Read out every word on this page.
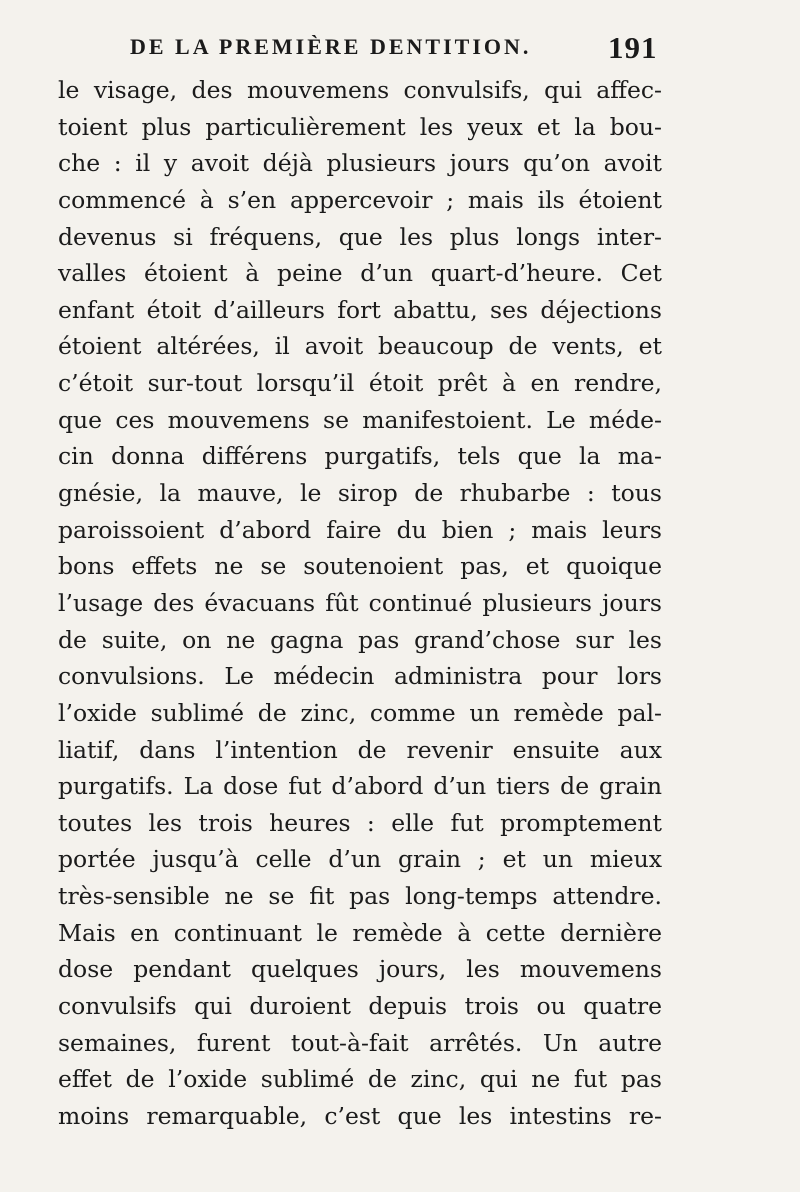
DE LA PREMIÈRE DENTITION. 191
le visage, des mouvemens convulsifs, qui affec-
toient plus particulièrement les yeux et la bou-
che : il y avoit déjà plusieurs jours qu’on avoit
commencé à s’en appercevoir ; mais ils étoient
devenus si fréquens, que les plus longs inter-
valles étoient à peine d’un quart-d’heure. Cet
enfant étoit d’ailleurs fort abattu, ses déjections
étoient altérées, il avoit beaucoup de vents, et
c’étoit sur-tout lorsqu’il étoit prêt à en rendre,
que ces mouvemens se manifestoient. Le méde-
cin donna différens purgatifs, tels que la ma-
gnésie, la mauve, le sirop de rhubarbe : tous
paroissoient d’abord faire du bien ; mais leurs
bons effets ne se soutenoient pas, et quoique
l’usage des évacuans fût continué plusieurs jours
de suite, on ne gagna pas grand’chose sur les
convulsions. Le médecin administra pour lors
l’oxide sublimé de zinc, comme un remède pal-
liatif, dans l’intention de revenir ensuite aux
purgatifs. La dose fut d’abord d’un tiers de grain
toutes les trois heures : elle fut promptement
portée jusqu’à celle d’un grain ; et un mieux
très-sensible ne se fit pas long-temps attendre.
Mais en continuant le remède à cette dernière
dose pendant quelques jours, les mouvemens
convulsifs qui duroient depuis trois ou quatre
semaines, furent tout-à-fait arrêtés. Un autre
effet de l’oxide sublimé de zinc, qui ne fut pas
moins remarquable, c’est que les intestins re-
